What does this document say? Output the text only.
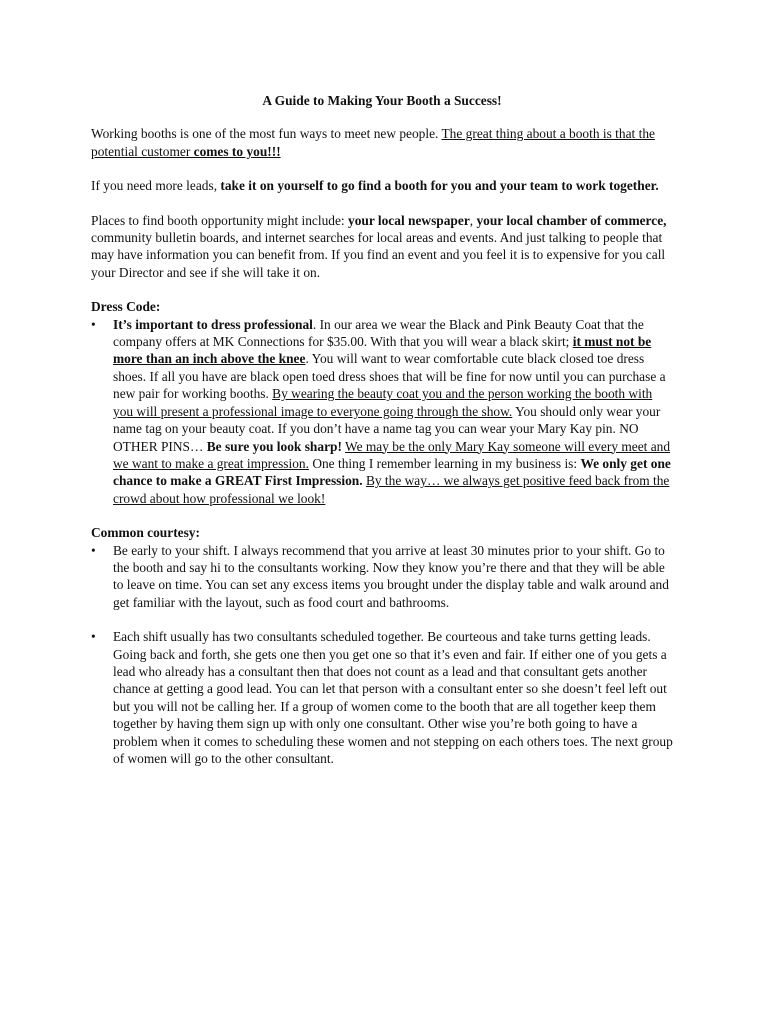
A Guide to Making Your Booth a Success!

Working booths is one of the most fun ways to meet new people. The great thing about a booth is that the potential customer comes to you!!!

If you need more leads, take it on yourself to go find a booth for you and your team to work together.

Places to find booth opportunity might include: your local newspaper, your local chamber of commerce, community bulletin boards, and internet searches for local areas and events. And just talking to people that may have information you can benefit from. If you find an event and you feel it is to expensive for you call your Director and see if she will take it on.

Dress Code:
• It’s important to dress professional. In our area we wear the Black and Pink Beauty Coat that the company offers at MK Connections for $35.00. With that you will wear a black skirt; it must not be more than an inch above the knee. You will want to wear comfortable cute black closed toe dress shoes. If all you have are black open toed dress shoes that will be fine for now until you can purchase a new pair for working booths. By wearing the beauty coat you and the person working the booth with you will present a professional image to everyone going through the show. You should only wear your name tag on your beauty coat. If you don’t have a name tag you can wear your Mary Kay pin. NO OTHER PINS… Be sure you look sharp! We may be the only Mary Kay someone will every meet and we want to make a great impression. One thing I remember learning in my business is: We only get one chance to make a GREAT First Impression. By the way… we always get positive feed back from the crowd about how professional we look!
Common courtesy:
• Be early to your shift. I always recommend that you arrive at least 30 minutes prior to your shift. Go to the booth and say hi to the consultants working. Now they know you’re there and that they will be able to leave on time. You can set any excess items you brought under the display table and walk around and get familiar with the layout, such as food court and bathrooms.
• Each shift usually has two consultants scheduled together. Be courteous and take turns getting leads. Going back and forth, she gets one then you get one so that it’s even and fair. If either one of you gets a lead who already has a consultant then that does not count as a lead and that consultant gets another chance at getting a good lead. You can let that person with a consultant enter so she doesn’t feel left out but you will not be calling her. If a group of women come to the booth that are all together keep them together by having them sign up with only one consultant. Other wise you’re both going to have a problem when it comes to scheduling these women and not stepping on each others toes. The next group of women will go to the other consultant.
